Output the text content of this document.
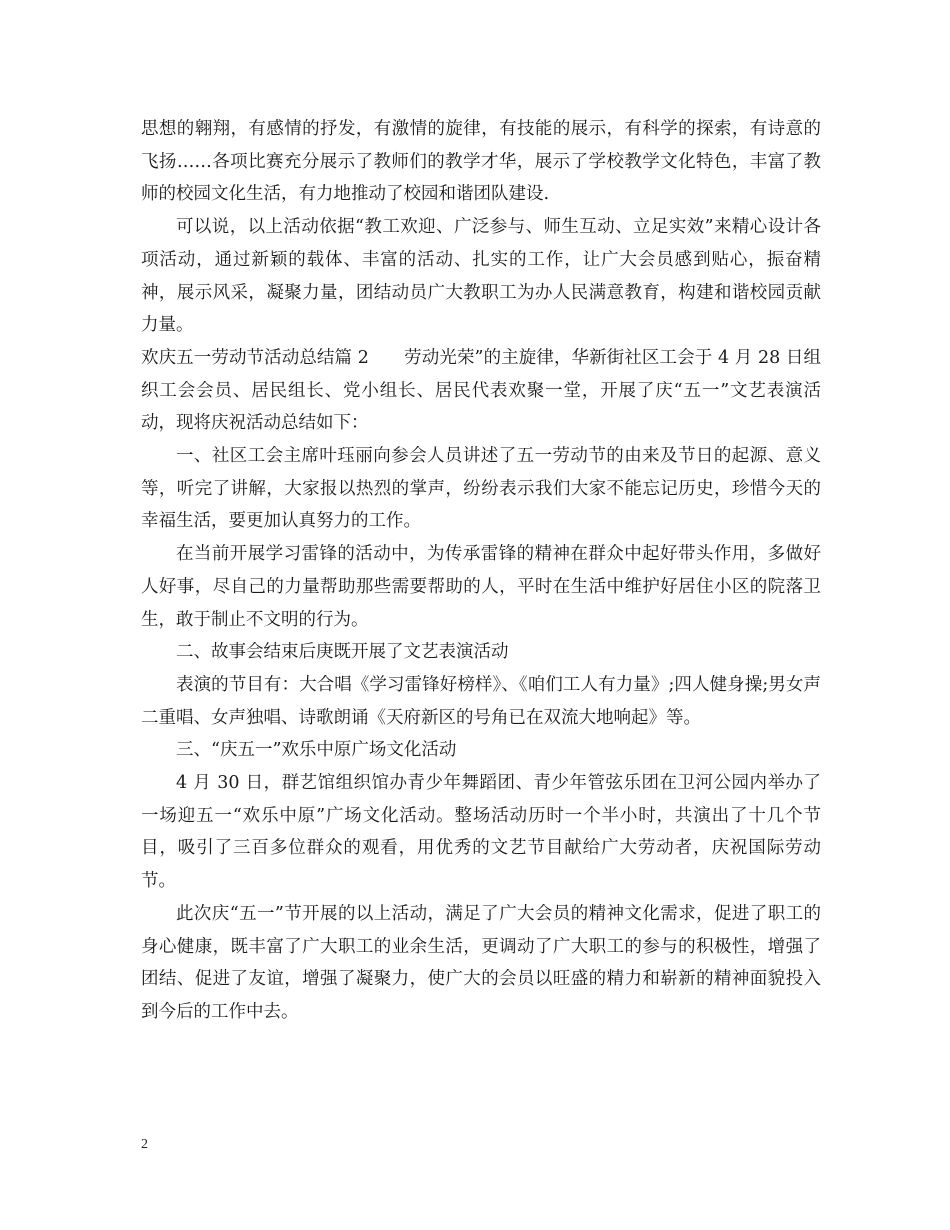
思想的翱翔，有感情的抒发，有激情的旋律，有技能的展示，有科学的探索，有诗意的飞扬……各项比赛充分展示了教师们的教学才华，展示了学校教学文化特色，丰富了教师的校园文化生活，有力地推动了校园和谐团队建设.

可以说，以上活动依据“教工欢迎、广泛参与、师生互动、立足实效”来精心设计各项活动，通过新颖的载体、丰富的活动、扎实的工作，让广大会员感到贴心，振奋精神，展示风采，凝聚力量，团结动员广大教职工为办人民满意教育，构建和谐校园贡献力量。

欢庆五一劳动节活动总结篇 2　　劳动光荣”的主旋律，华新街社区工会于 4 月 28 日组织工会会员、居民组长、党小组长、居民代表欢聚一堂，开展了庆“五一”文艺表演活动，现将庆祝活动总结如下：

一、社区工会主席叶珏丽向参会人员讲述了五一劳动节的由来及节日的起源、意义等，听完了讲解，大家报以热烈的掌声，纷纷表示我们大家不能忘记历史，珍惜今天的幸福生活，要更加认真努力的工作。

在当前开展学习雷锋的活动中，为传承雷锋的精神在群众中起好带头作用，多做好人好事，尽自己的力量帮助那些需要帮助的人，平时在生活中维护好居住小区的院落卫生，敢于制止不文明的行为。

二、故事会结束后庚既开展了文艺表演活动

表演的节目有：大合唱《学习雷锋好榜样》、《咱们工人有力量》;四人健身操;男女声二重唱、女声独唱、诗歌朗诵《天府新区的号角已在双流大地响起》等。

三、“庆五一”欢乐中原广场文化活动

4 月 30 日，群艺馆组织馆办青少年舞蹈团、青少年管弦乐团在卫河公园内举办了一场迎五一“欢乐中原”广场文化活动。整场活动历时一个半小时，共演出了十几个节目，吸引了三百多位群众的观看，用优秀的文艺节目献给广大劳动者，庆祝国际劳动节。

此次庆“五一”节开展的以上活动，满足了广大会员的精神文化需求，促进了职工的身心健康，既丰富了广大职工的业余生活，更调动了广大职工的参与的积极性，增强了团结、促进了友谊，增强了凝聚力，使广大的会员以旺盛的精力和崭新的精神面貌投入到今后的工作中去。

2
